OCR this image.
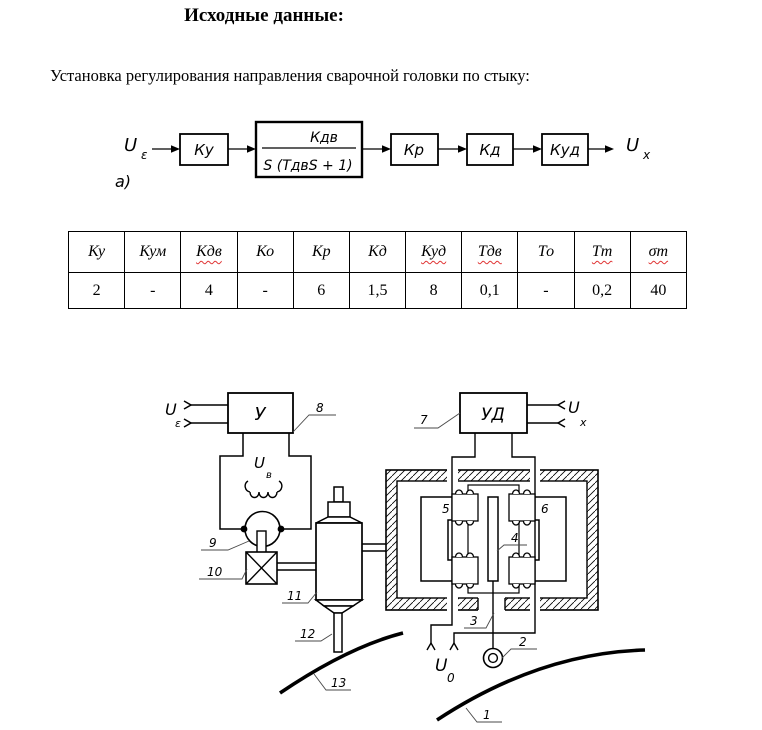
Исходные данные:
Установка регулирования направления сварочной головки по стыку:
U ε
а)
Ку
Кдв
S (ТдвS + 1)
Кр	Кд	Куд	U x
Ку	Кум	Кдв	Ко	Кр	Кд	Куд	Тдв	То	Тт	σт
2	-	4	-	6	1,5	8	0,1	-	0,2	40
U
ε	У
U
в
U
0
УД	U
x
1
2
3
4
5	6
7
8
9
10
11
12
13
